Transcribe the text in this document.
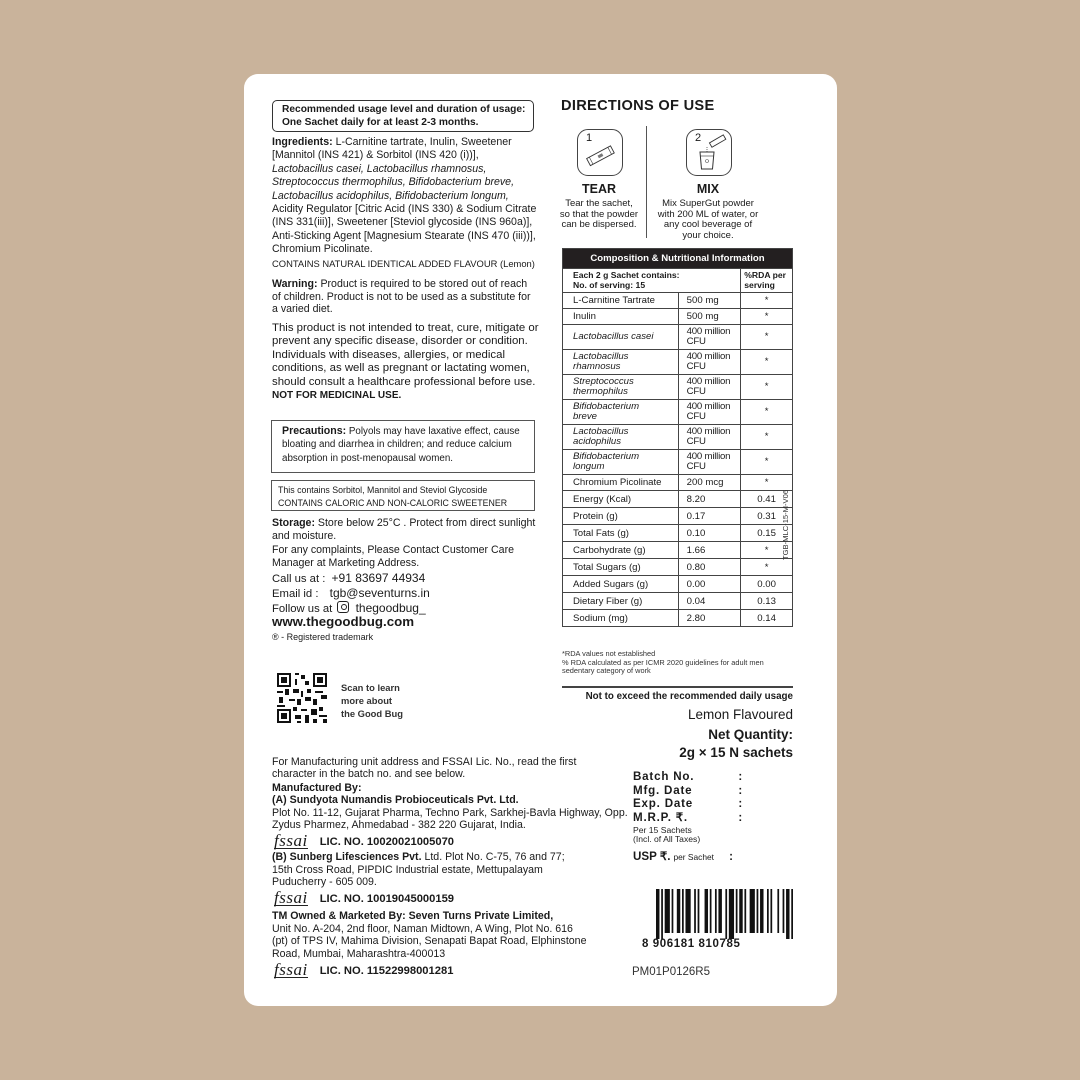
Recommended usage level and duration of usage:
One Sachet daily for at least 2-3 months.

Ingredients: L-Carnitine tartrate, Inulin, Sweetener [Mannitol (INS 421) & Sorbitol (INS 420 (i))], Lactobacillus casei, Lactobacillus rhamnosus, Streptococcus thermophilus, Bifidobacterium breve, Lactobacillus acidophilus, Bifidobacterium longum, Acidity Regulator [Citric Acid (INS 330) & Sodium Citrate (INS 331(iii)], Sweetener [Steviol glycoside (INS 960a)], Anti-Sticking Agent [Magnesium Stearate (INS 470 (iii))], Chromium Picolinate.
CONTAINS NATURAL IDENTICAL ADDED FLAVOUR (Lemon)

Warning: Product is required to be stored out of reach of children. Product is not to be used as a substitute for a varied diet.

This product is not intended to treat, cure, mitigate or prevent any specific disease, disorder or condition. Individuals with diseases, allergies, or medical conditions, as well as pregnant or lactating women, should consult a healthcare professional before use.
NOT FOR MEDICINAL USE.

Precautions: Polyols may have laxative effect, cause bloating and diarrhea in children; and reduce calcium absorption in post-menopausal women.
This contains Sorbitol, Mannitol and Steviol Glycoside
CONTAINS CALORIC AND NON-CALORIC SWEETENER

Storage: Store below 25°C . Protect from direct sunlight and moisture.
For any complaints, Please Contact Customer Care Manager at Marketing Address.

Call us at : +91 83697 44934
Email id : tgb@seventurns.in
Follow us at thegoodbug_
www.thegoodbug.com
® - Registered trademark
Scan to learn
more about
the Good Bug

For Manufacturing unit address and FSSAI Lic. No., read the first character in the batch no. and see below.

Manufactured By:
(A) Sundyota Numandis Probioceuticals Pvt. Ltd.
Plot No. 11-12, Gujarat Pharma, Techno Park, Sarkhej-Bavla Highway, Opp. Zydus Pharmez, Ahmedabad - 382 220 Gujarat, India.
fssai LIC. NO. 10020021005070
(B) Sunberg Lifesciences Pvt. Ltd. Plot No. C-75, 76 and 77; 15th Cross Road, PIPDIC Industrial estate, Mettupalayam Puducherry - 605 009.
fssai LIC. NO. 10019045000159
TM Owned & Marketed By: Seven Turns Private Limited,
Unit No. A-204, 2nd floor, Naman Midtown, A Wing, Plot No. 616 (pt) of TPS IV, Mahima Division, Senapati Bapat Road, Elphinstone Road, Mumbai, Maharashtra-400013
fssai LIC. NO. 11522998001281
DIRECTIONS OF USE
1	2
TEAR
Tear the sachet, so that the powder can be dispersed.
MIX
Mix SuperGut powder with 200 ML of water, or any cool beverage of your choice.
Composition & Nutritional Information		

Each 2 g Sachet contains:
No. of serving: 15		%RDA per serving
L-Carnitine Tartrate	500 mg	*
Inulin	500 mg	*
Lactobacillus casei	400 million CFU	*
Lactobacillus rhamnosus	400 million CFU	*
Streptococcus thermophilus	400 million CFU	*
Bifidobacterium breve	400 million CFU	*
Lactobacillus acidophilus	400 million CFU	*
Bifidobacterium longum	400 million CFU	*
Chromium Picolinate	200 mcg	*
Energy (Kcal)	8.20	0.41
Protein (g)	0.17	0.31
Total Fats (g)	0.10	0.15
Carbohydrate (g)	1.66	*
Total Sugars (g)	0.80	*
Added Sugars (g)	0.00	0.00
Dietary Fiber (g)	0.04	0.13
Sodium (mg)	2.80	0.14
TGB-MLC-15-M-V06
*RDA values not established
% RDA calculated as per ICMR 2020 guidelines for adult men sedentary category of work
Not to exceed the recommended daily usage
Lemon Flavoured
Net Quantity:
2g × 15 N sachets
Batch No.	:
Mfg. Date	:
Exp. Date	:
M.R.P. ₹.	:
Per 15 Sachets
(Incl. of All Taxes)
USP ₹. per Sachet :
8 906181 810785
PM01P0126R5
